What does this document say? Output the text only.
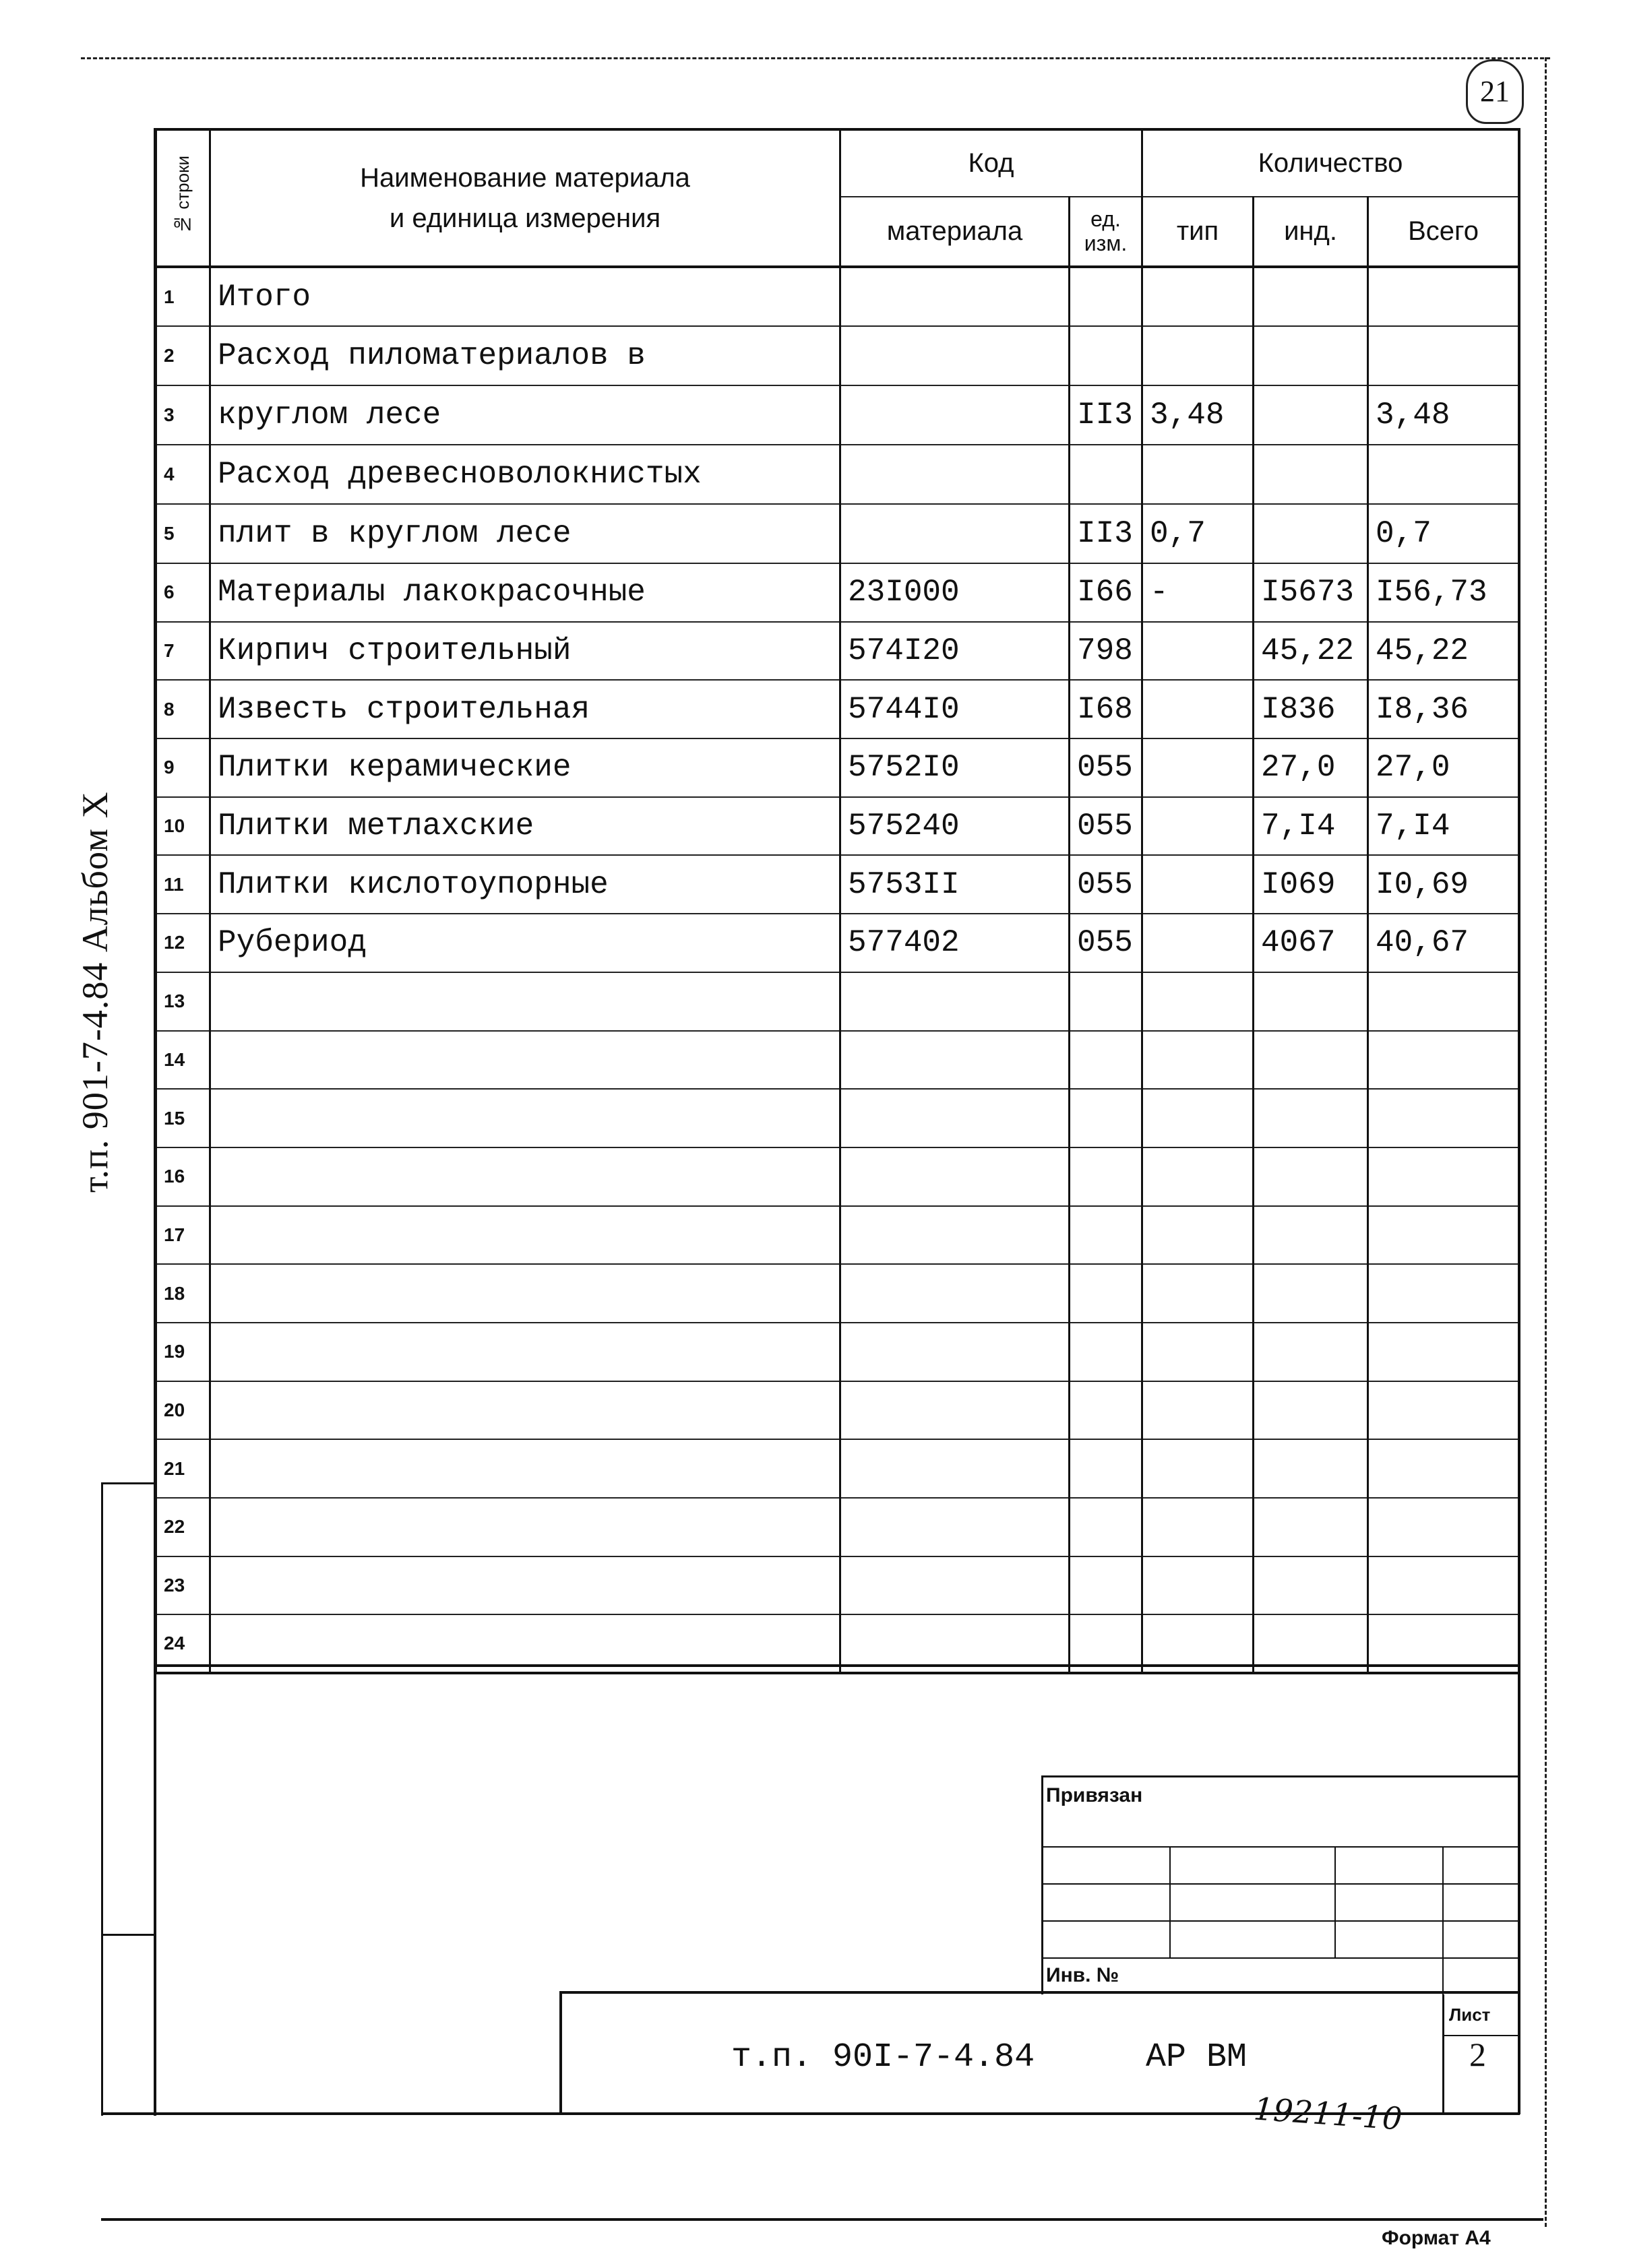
21
т.п. 901-7-4.84 Альбом X
№ строки	Наименование материала
и единица измерения	Код		Количество		
		материала	ед. изм.	тип	инд.	Всего
1	Итого					
2	Расход пиломатериалов в					
3	круглом лесе		II3	3,48		3,48
4	Расход древесноволокнистых					
5	плит в круглом лесе		II3	0,7		0,7
6	Материалы лакокрасочные	23I000	I66	-	I5673	I56,73
7	Кирпич строительный	574I20	798		45,22	45,22
8	Известь строительная	5744I0	I68		I836	I8,36
9	Плитки керамические	5752I0	055		27,0	27,0
10	Плитки метлахские	575240	055		7,I4	7,I4
11	Плитки кислотоупорные	5753II	055		I069	I0,69
12	Рубериод	577402	055		4067	40,67
13						
14						
15						
16						
17						
18						
19						
20						
21						
22						
23						
24						
Привязан
Инв. №
Лист
2
т.п. 90I-7-4.84	АР ВМ
19211-10
Формат А4
